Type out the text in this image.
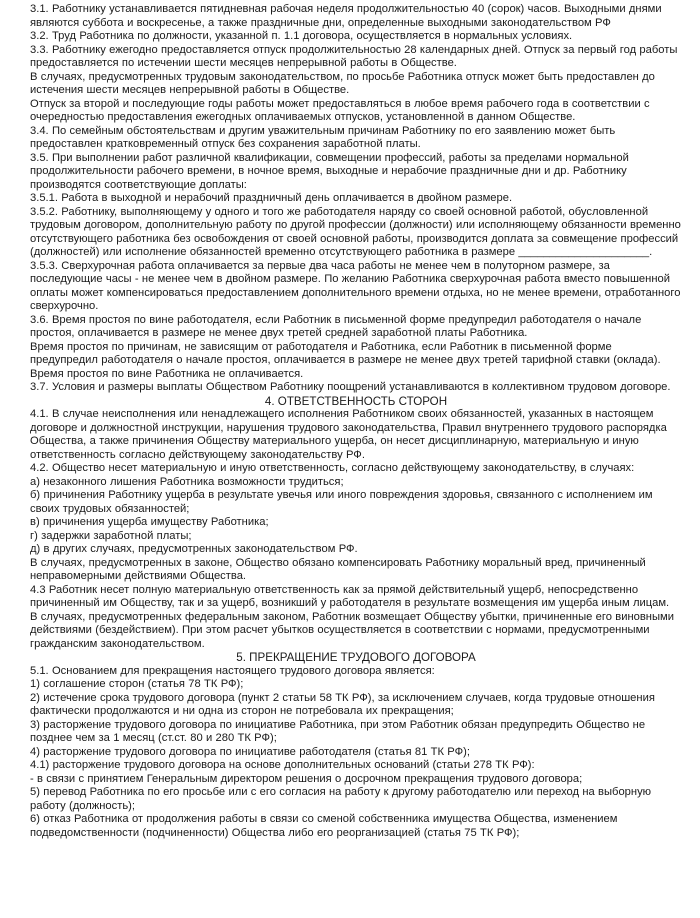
3.1. Работнику устанавливается пятидневная рабочая неделя продолжительностью 40 (сорок) часов. Выходными днями являются суббота и воскресенье, а также праздничные дни, определенные выходными законодательством РФ

3.2. Труд Работника по должности, указанной п. 1.1 договора, осуществляется в нормальных условиях.

3.3. Работнику ежегодно предоставляется отпуск продолжительностью 28 календарных дней. Отпуск за первый год работы предоставляется по истечении шести месяцев непрерывной работы в Обществе.

В случаях, предусмотренных трудовым законодательством, по просьбе Работника отпуск может быть предоставлен до истечения шести месяцев непрерывной работы в Обществе.

Отпуск за второй и последующие годы работы может предоставляться в любое время рабочего года в соответствии с очередностью предоставления ежегодных оплачиваемых отпусков, установленной в данном Обществе.

3.4. По семейным обстоятельствам и другим уважительным причинам Работнику по его заявлению может быть предоставлен кратковременный отпуск без сохранения заработной платы.

3.5. При выполнении работ различной квалификации, совмещении профессий, работы за пределами нормальной продолжительности рабочего времени, в ночное время, выходные и нерабочие праздничные дни и др. Работнику производятся соответствующие доплаты:

3.5.1. Работа в выходной и нерабочий праздничный день оплачивается в двойном размере.

3.5.2. Работнику, выполняющему у одного и того же работодателя наряду со своей основной работой, обусловленной трудовым договором, дополнительную работу по другой профессии (должности) или исполняющему обязанности временно отсутствующего работника без освобождения от своей основной работы, производится доплата за совмещение профессий (должностей) или исполнение обязанностей временно отсутствующего работника в размере _____________________.

3.5.3. Сверхурочная работа оплачивается за первые два часа работы не менее чем в полуторном размере, за последующие часы - не менее чем в двойном размере. По желанию Работника сверхурочная работа вместо повышенной оплаты может компенсироваться предоставлением дополнительного времени отдыха, но не менее времени, отработанного сверхурочно.

3.6. Время простоя по вине работодателя, если Работник в письменной форме предупредил работодателя о начале простоя, оплачивается в размере не менее двух третей средней заработной платы Работника.

Время простоя по причинам, не зависящим от работодателя и Работника, если Работник в письменной форме предупредил работодателя о начале простоя, оплачивается в размере не менее двух третей тарифной ставки (оклада). Время простоя по вине Работника не оплачивается.

3.7. Условия и размеры выплаты Обществом Работнику поощрений устанавливаются в коллективном трудовом договоре.

4. ОТВЕТСТВЕННОСТЬ СТОРОН

4.1. В случае неисполнения или ненадлежащего исполнения Работником своих обязанностей, указанных в настоящем договоре и должностной инструкции, нарушения трудового законодательства, Правил внутреннего трудового распорядка Общества, а также причинения Обществу материального ущерба, он несет дисциплинарную, материальную и иную ответственность согласно действующему законодательству РФ.

4.2. Общество несет материальную и иную ответственность, согласно действующему законодательству, в случаях:

а) незаконного лишения Работника возможности трудиться;

б) причинения Работнику ущерба в результате увечья или иного повреждения здоровья, связанного с исполнением им своих трудовых обязанностей;

в) причинения ущерба имуществу Работника;

г) задержки заработной платы;

д) в других случаях, предусмотренных законодательством РФ.

В случаях, предусмотренных в законе, Общество обязано компенсировать Работнику моральный вред, причиненный неправомерными действиями Общества.

4.3 Работник несет полную материальную ответственность как за прямой действительный ущерб, непосредственно причиненный им Обществу, так и за ущерб, возникший у работодателя в результате возмещения им ущерба иным лицам.

В случаях, предусмотренных федеральным законом, Работник возмещает Обществу убытки, причиненные его виновными действиями (бездействием). При этом расчет убытков осуществляется в соответствии с нормами, предусмотренными гражданским законодательством.

5. ПРЕКРАЩЕНИЕ ТРУДОВОГО ДОГОВОРА

5.1. Основанием для прекращения настоящего трудового договора является:

1) соглашение сторон (статья 78 ТК РФ);

2) истечение срока трудового договора (пункт 2 статьи 58 ТК РФ), за исключением случаев, когда трудовые отношения фактически продолжаются и ни одна из сторон не потребовала их прекращения;

3) расторжение трудового договора по инициативе Работника, при этом Работник обязан предупредить Общество не позднее чем за 1 месяц (ст.ст. 80 и 280 ТК РФ);

4) расторжение трудового договора по инициативе работодателя (статья 81 ТК РФ);

4.1) расторжение трудового договора на основе дополнительных оснований (статьи 278 ТК РФ):

- в связи с принятием Генеральным директором решения о досрочном прекращения трудового договора;

5) перевод Работника по его просьбе или с его согласия на работу к другому работодателю или переход на выборную работу (должность);

6) отказ Работника от продолжения работы в связи со сменой собственника имущества Общества, изменением подведомственности (подчиненности) Общества либо его реорганизацией (статья 75 ТК РФ);
